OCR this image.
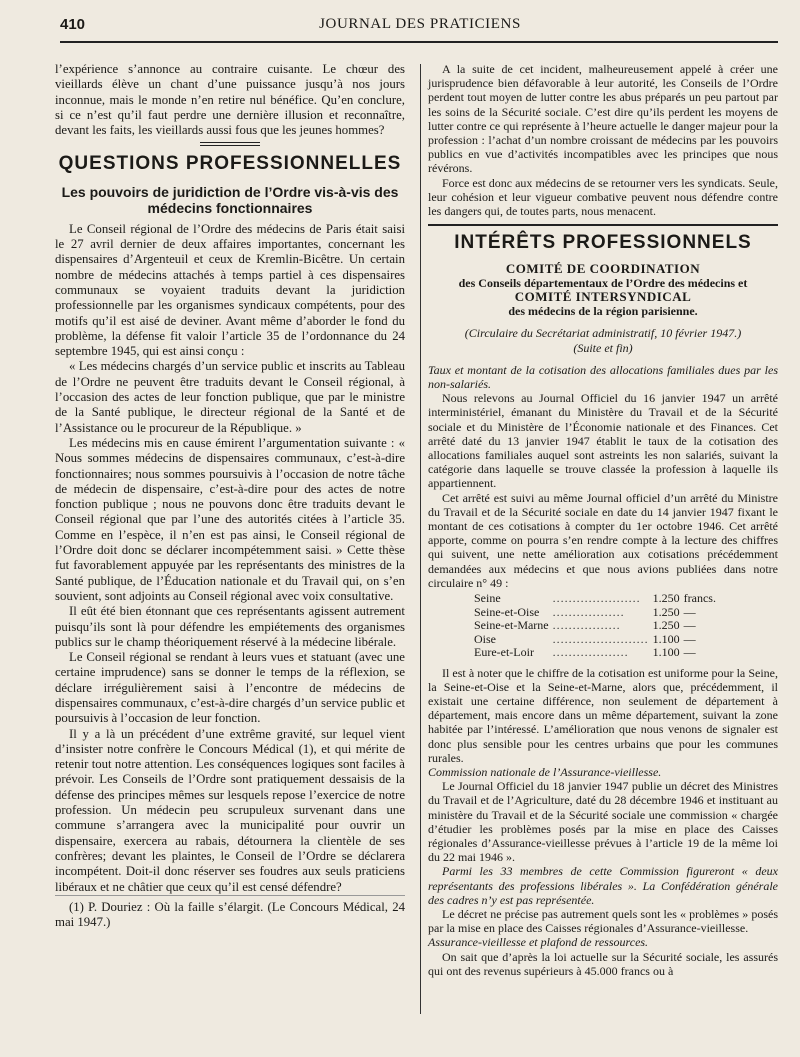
410	JOURNAL DES PRATICIENS

l’expérience s’annonce au contraire cuisante. Le chœur des vieillards élève un chant d’une puissance jusqu’à nos jours inconnue, mais le monde n’en retire nul bénéfice. Qu’en conclure, si ce n’est qu’il faut perdre une dernière illusion et reconnaître, devant les faits, les vieillards aussi fous que les jeunes hommes?

QUESTIONS PROFESSIONNELLES
Les pouvoirs de juridiction de l’Ordre vis-à-vis des médecins fonctionnaires

Le Conseil régional de l’Ordre des médecins de Paris était saisi le 27 avril dernier de deux affaires importantes, concernant les dispensaires d’Argenteuil et ceux de Kremlin-Bicêtre. Un certain nombre de médecins attachés à temps partiel à ces dispensaires communaux se voyaient traduits devant la juridiction professionnelle par les organismes syndicaux compétents, pour des motifs qu’il est aisé de deviner. Avant même d’aborder le fond du problème, la défense fit valoir l’article 35 de l’ordonnance du 24 septembre 1945, qui est ainsi conçu :

« Les médecins chargés d’un service public et inscrits au Tableau de l’Ordre ne peuvent être traduits devant le Conseil régional, à l’occasion des actes de leur fonction publique, que par le ministre de la Santé publique, le directeur régional de la Santé et de l’Assistance ou le procureur de la République. »

Les médecins mis en cause émirent l’argumentation suivante : « Nous sommes médecins de dispensaires communaux, c’est-à-dire fonctionnaires; nous sommes poursuivis à l’occasion de notre tâche de médecin de dispensaire, c’est-à-dire pour des actes de notre fonction publique ; nous ne pouvons donc être traduits devant le Conseil régional que par l’une des autorités citées à l’article 35. Comme en l’espèce, il n’en est pas ainsi, le Conseil régional de l’Ordre doit donc se déclarer incompétemment saisi. » Cette thèse fut favorablement appuyée par les représentants des ministres de la Santé publique, de l’Éducation nationale et du Travail qui, on s’en souvient, sont adjoints au Conseil régional avec voix consultative.

Il eût été bien étonnant que ces représentants agissent autrement puisqu’ils sont là pour défendre les empiétements des organismes publics sur le champ théoriquement réservé à la médecine libérale.

Le Conseil régional se rendant à leurs vues et statuant (avec une certaine imprudence) sans se donner le temps de la réflexion, se déclare irrégulièrement saisi à l’encontre de médecins de dispensaires communaux, c’est-à-dire chargés d’un service public et poursuivis à l’occasion de leur fonction.

Il y a là un précédent d’une extrême gravité, sur lequel vient d’insister notre confrère le Concours Médical (1), et qui mérite de retenir tout notre attention. Les conséquences logiques sont faciles à prévoir. Les Conseils de l’Ordre sont pratiquement dessaisis de la défense des principes mêmes sur lesquels repose l’exercice de notre profession. Un médecin peu scrupuleux survenant dans une commune s’arrangera avec la municipalité pour ouvrir un dispensaire, exercera au rabais, détournera la clientèle de ses confrères; devant les plaintes, le Conseil de l’Ordre se déclarera incompétent. Doit-il donc réserver ses foudres aux seuls praticiens libéraux et ne châtier que ceux qu’il est censé défendre?

(1) P. Douriez : Où la faille s’élargit. (Le Concours Médical, 24 mai 1947.)

A la suite de cet incident, malheureusement appelé à créer une jurisprudence bien défavorable à leur autorité, les Conseils de l’Ordre perdent tout moyen de lutter contre les abus préparés un peu partout par les soins de la Sécurité sociale. C’est dire qu’ils perdent les moyens de lutter contre ce qui représente à l’heure actuelle le danger majeur pour la profession : l’achat d’un nombre croissant de médecins par les pouvoirs publics en vue d’activités incompatibles avec les principes que nous révérons.

Force est donc aux médecins de se retourner vers les syndicats. Seule, leur cohésion et leur vigueur combative peuvent nous défendre contre les dangers qui, de toutes parts, nous menacent.

INTÉRÊTS PROFESSIONNELS
COMITÉ DE COORDINATION
des Conseils départementaux de l’Ordre des médecins et
COMITÉ INTERSYNDICAL
des médecins de la région parisienne.
(Circulaire du Secrétariat administratif, 10 février 1947.)
(Suite et fin)

Taux et montant de la cotisation des allocations familiales dues par les non-salariés.

Nous relevons au Journal Officiel du 16 janvier 1947 un arrêté interministériel, émanant du Ministère du Travail et de la Sécurité sociale et du Ministère de l’Économie nationale et des Finances. Cet arrêté daté du 13 janvier 1947 établit le taux de la cotisation des allocations familiales auquel sont astreints les non salariés, suivant la catégorie dans laquelle se trouve classée la profession à laquelle ils appartiennent.

Cet arrêté est suivi au même Journal officiel d’un arrêté du Ministre du Travail et de la Sécurité sociale en date du 14 janvier 1947 fixant le montant de ces cotisations à compter du 1er octobre 1946. Cet arrêté apporte, comme on pourra s’en rendre compte à la lecture des chiffres qui suivent, une nette amélioration aux cotisations précédemment demandées aux médecins et que nous avions publiées dans notre circulaire n° 49 :

Seine	......................	1.250	francs.
Seine-et-Oise	..................	1.250	—
Seine-et-Marne	.................	1.250	—
Oise	........................	1.100	—
Eure-et-Loir	...................	1.100	—

Il est à noter que le chiffre de la cotisation est uniforme pour la Seine, la Seine-et-Oise et la Seine-et-Marne, alors que, précédemment, il existait une certaine différence, non seulement de département à département, mais encore dans un même département, suivant la zone habitée par l’intéressé. L’amélioration que nous venons de signaler est donc plus sensible pour les centres urbains que pour les communes rurales.

Commission nationale de l’Assurance-vieillesse.

Le Journal Officiel du 18 janvier 1947 publie un décret des Ministres du Travail et de l’Agriculture, daté du 28 décembre 1946 et instituant au ministère du Travail et de la Sécurité sociale une commission « chargée d’étudier les problèmes posés par la mise en place des Caisses régionales d’Assurance-vieillesse prévues à l’article 19 de la même loi du 22 mai 1946 ».

Parmi les 33 membres de cette Commission figureront « deux représentants des professions libérales ». La Confédération générale des cadres n’y est pas représentée.

Le décret ne précise pas autrement quels sont les « problèmes » posés par la mise en place des Caisses régionales d’Assurance-vieillesse.

Assurance-vieillesse et plafond de ressources.

On sait que d’après la loi actuelle sur la Sécurité sociale, les assurés qui ont des revenus supérieurs à 45.000 francs ou à
